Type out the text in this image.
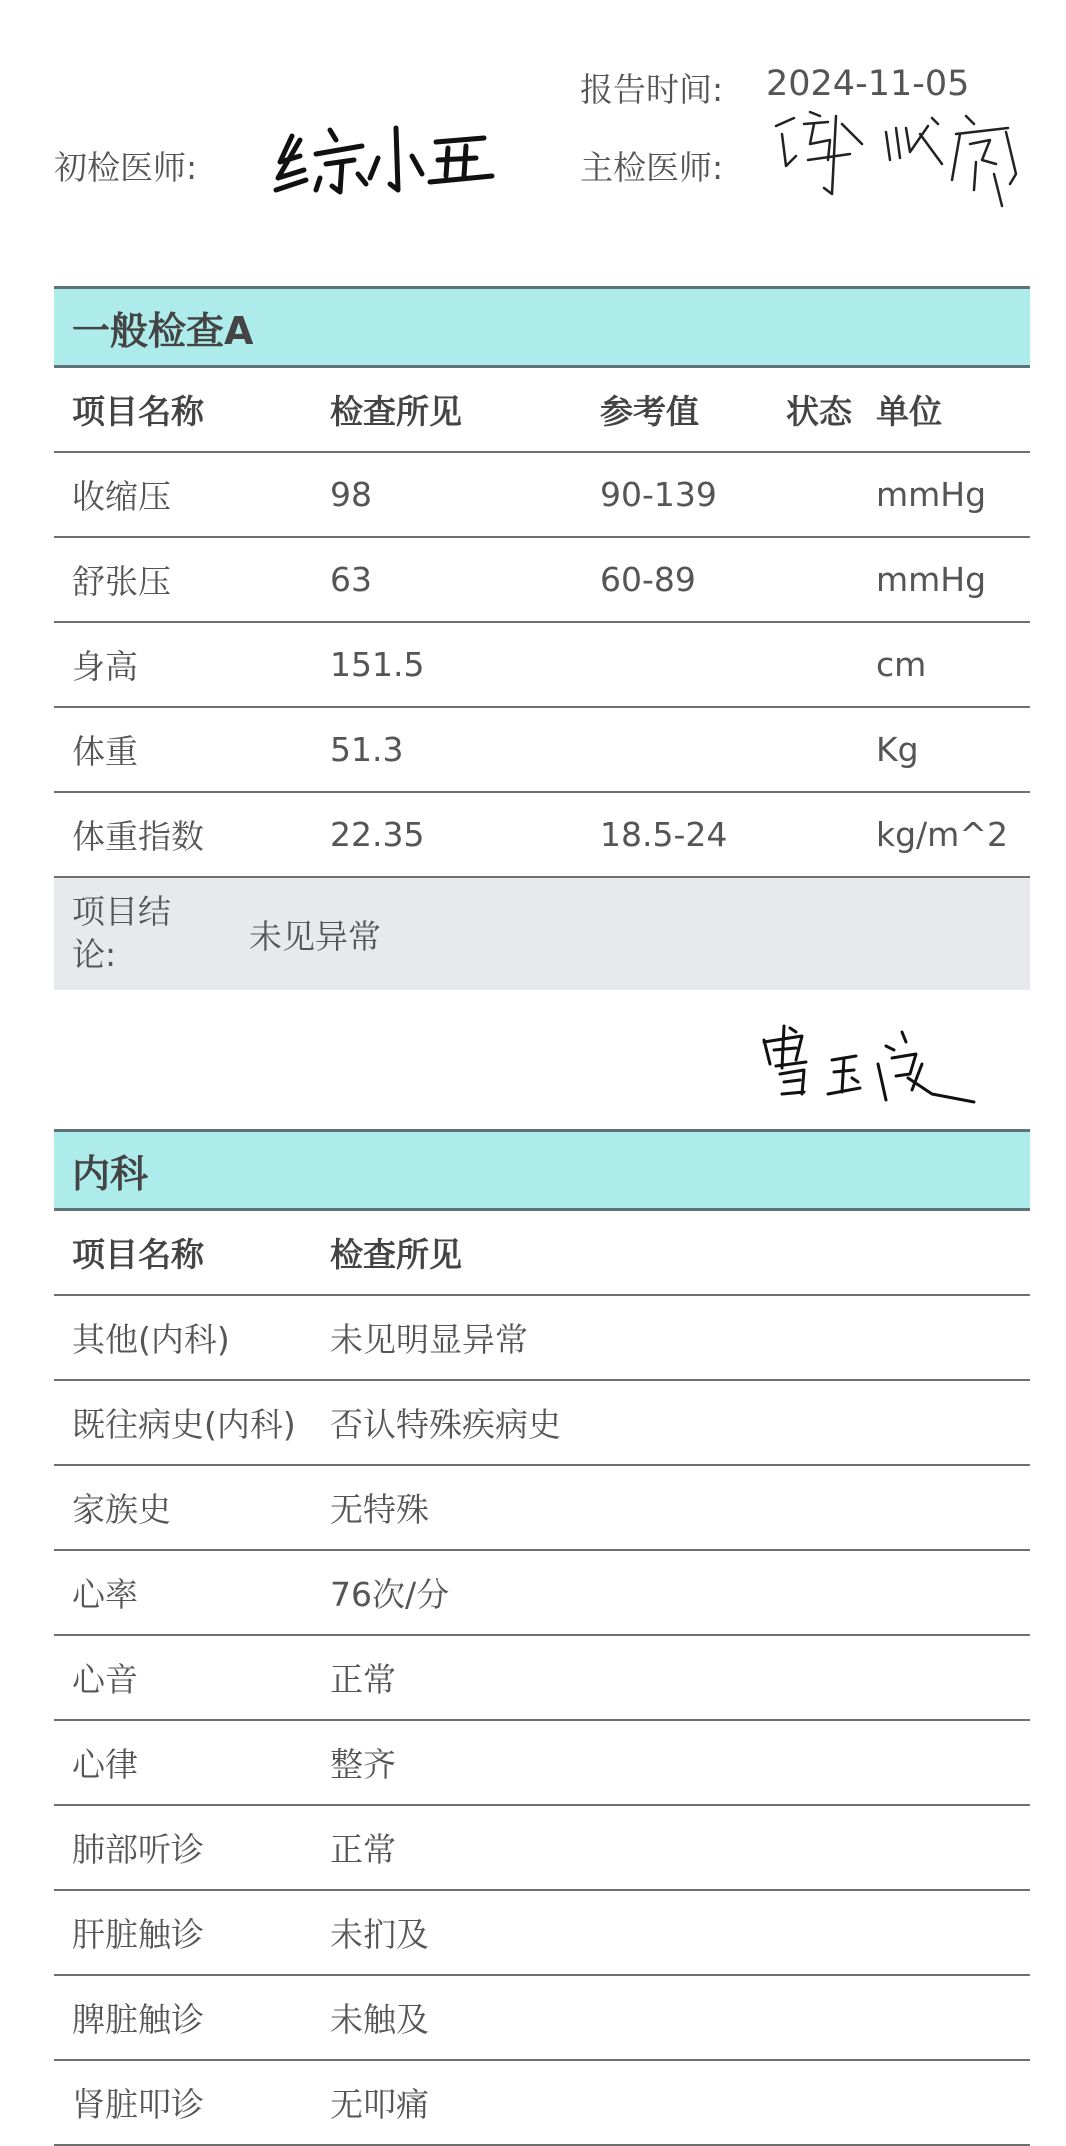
报告时间: 2024-11-05
初检医师:	主检医师:
一般检查A
项目名称	检查所见	参考值	状态 单位
收缩压	98	90-139	mmHg
舒张压	63	60-89	mmHg
身高	151.5	cm
体重	51.3	Kg
体重指数	22.35	18.5-24	kg/m^2
项目结论:	未见异常
内科
项目名称	检查所见
其他(内科)	未见明显异常
既往病史(内科) 否认特殊疾病史
家族史	无特殊
心率	76次/分
心音	正常
心律	整齐
肺部听诊	正常
肝脏触诊	未扪及
脾脏触诊	未触及
肾脏叩诊	无叩痛
